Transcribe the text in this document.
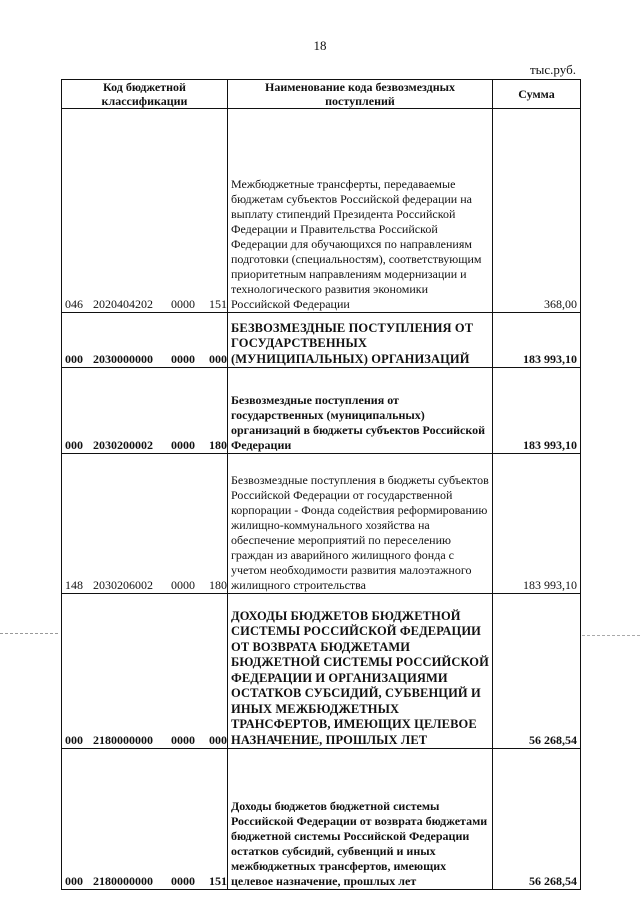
18
тыс.руб.
Код бюджетной классификации	Наименование кода безвозмездных поступлений	Сумма
046 2020404202 0000 151	Межбюджетные трансферты, передаваемые бюджетам субъектов Российской федерации на выплату стипендий Президента Российской Федерации и Правительства Российской Федерации для обучающихся по направлениям подготовки (специальностям), соответствующим приоритетным направлениям модернизации и технологического развития экономики Российской Федерации	368,00
000 2030000000 0000 000	БЕЗВОЗМЕЗДНЫЕ ПОСТУПЛЕНИЯ ОТ ГОСУДАРСТВЕННЫХ (МУНИЦИПАЛЬНЫХ) ОРГАНИЗАЦИЙ	183 993,10
000 2030200002 0000 180	Безвозмездные поступления от государственных (муниципальных) организаций в бюджеты субъектов Российской Федерации	183 993,10
148 2030206002 0000 180	Безвозмездные поступления в бюджеты субъектов Российской Федерации от государственной корпорации - Фонда содействия реформированию жилищно-коммунального хозяйства на обеспечение мероприятий по переселению граждан из аварийного жилищного фонда с учетом необходимости развития малоэтажного жилищного строительства	183 993,10
000 2180000000 0000 000	ДОХОДЫ БЮДЖЕТОВ БЮДЖЕТНОЙ СИСТЕМЫ РОССИЙСКОЙ ФЕДЕРАЦИИ ОТ ВОЗВРАТА БЮДЖЕТАМИ БЮДЖЕТНОЙ СИСТЕМЫ РОССИЙСКОЙ ФЕДЕРАЦИИ И ОРГАНИЗАЦИЯМИ ОСТАТКОВ СУБСИДИЙ, СУБВЕНЦИЙ И ИНЫХ МЕЖБЮДЖЕТНЫХ ТРАНСФЕРТОВ, ИМЕЮЩИХ ЦЕЛЕВОЕ НАЗНАЧЕНИЕ, ПРОШЛЫХ ЛЕТ	56 268,54
000 2180000000 0000 151	Доходы бюджетов бюджетной системы Российской Федерации от возврата бюджетами бюджетной системы Российской Федерации остатков субсидий, субвенций и иных межбюджетных трансфертов, имеющих целевое назначение, прошлых лет	56 268,54
